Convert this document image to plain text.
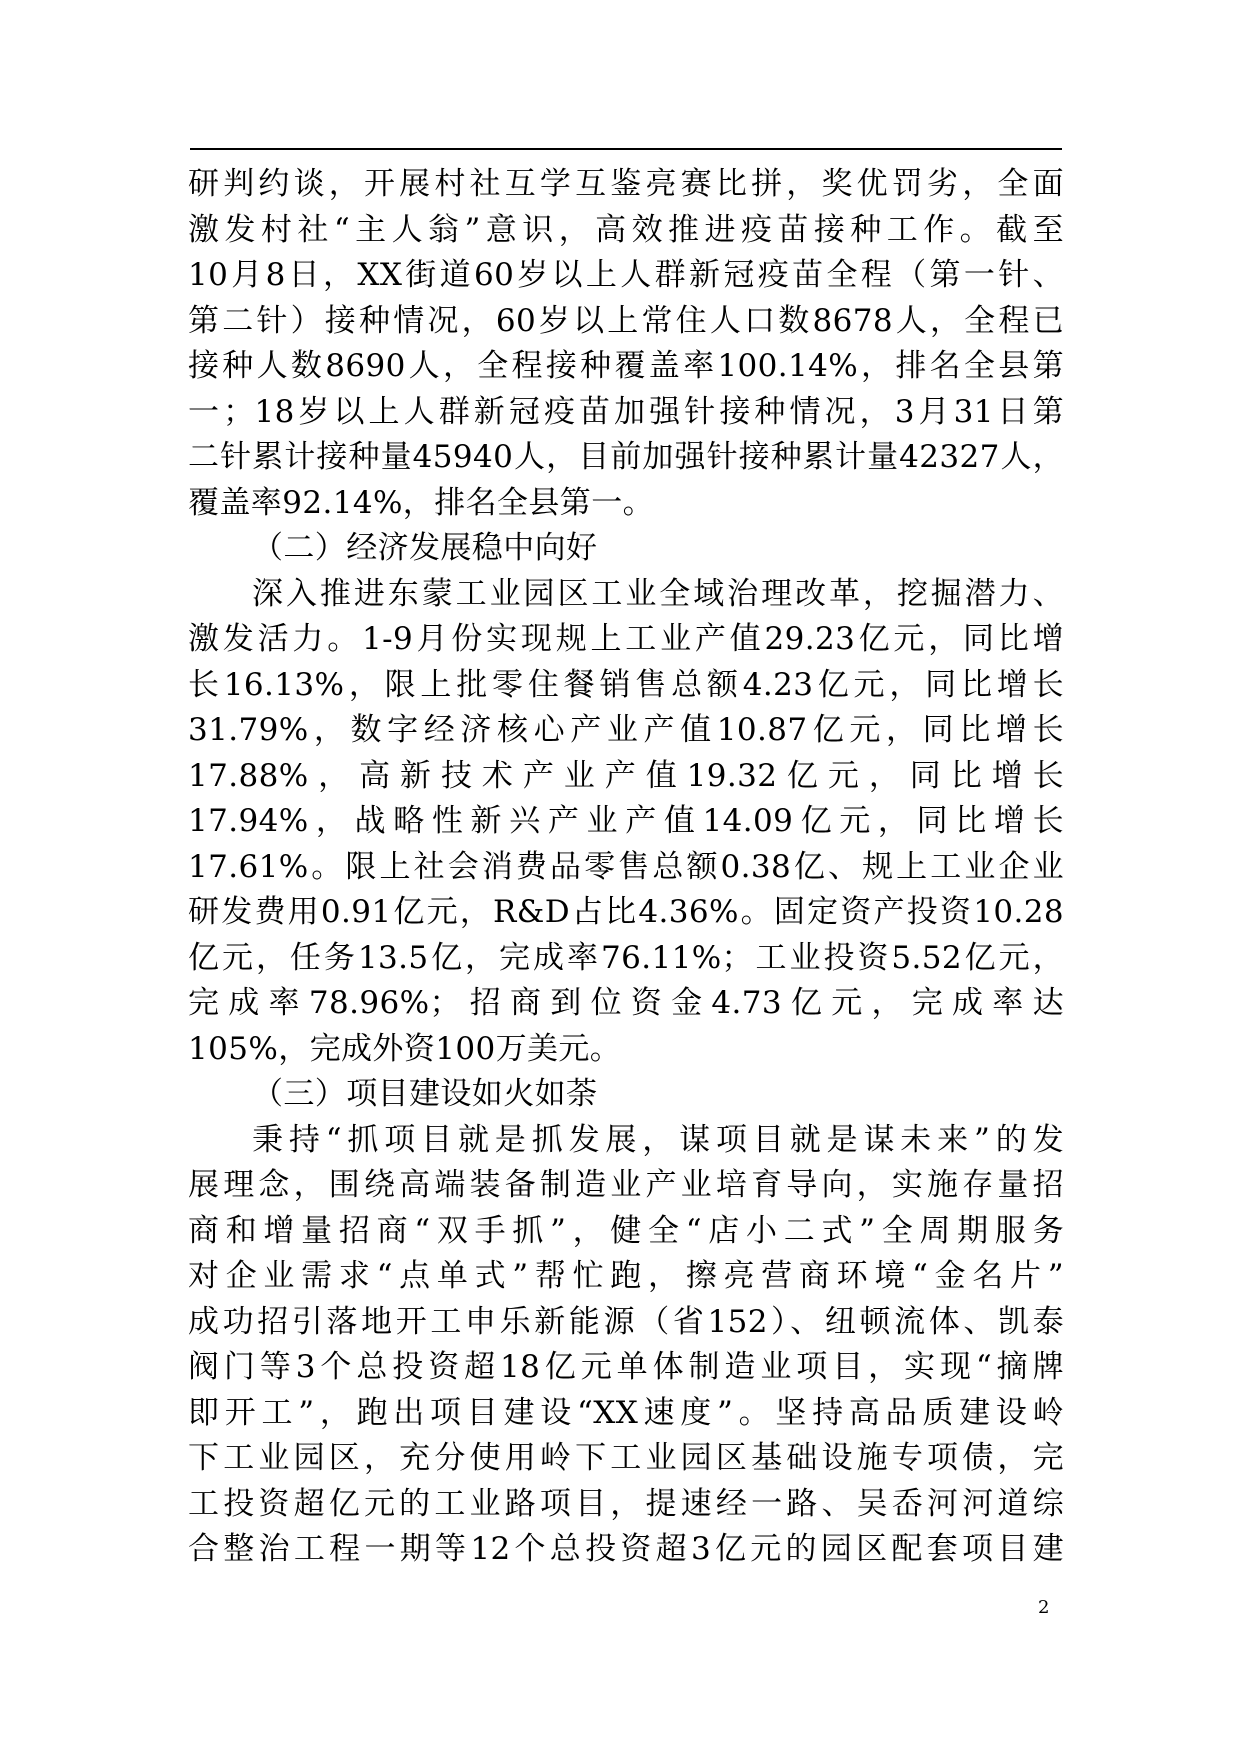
研判约谈，开展村社互学互鉴亮赛比拼，奖优罚劣，全面
激发村社“主人翁”意识，高效推进疫苗接种工作。截至
10月8日，XX街道60岁以上人群新冠疫苗全程（第一针、
第二针）接种情况，60岁以上常住人口数8678人，全程已
接种人数8690人，全程接种覆盖率100.14%，排名全县第
一；18岁以上人群新冠疫苗加强针接种情况，3月31日第
二针累计接种量45940人，目前加强针接种累计量42327人，
覆盖率92.14%，排名全县第一。
（二）经济发展稳中向好
深入推进东蒙工业园区工业全域治理改革，挖掘潜力、
激发活力。1-9月份实现规上工业产值29.23亿元，同比增
长16.13%，限上批零住餐销售总额4.23亿元，同比增长
31.79%，数字经济核心产业产值10.87亿元，同比增长
17.88%，高新技术产业产值19.32亿元，同比增长
17.94%，战略性新兴产业产值14.09亿元，同比增长
17.61%。限上社会消费品零售总额0.38亿、规上工业企业
研发费用0.91亿元，R&D占比4.36%。固定资产投资10.28
亿元，任务13.5亿，完成率76.11%；工业投资5.52亿元，
完成率78.96%；招商到位资金4.73亿元，完成率达
105%，完成外资100万美元。
（三）项目建设如火如荼
秉持“抓项目就是抓发展，谋项目就是谋未来”的发
展理念，围绕高端装备制造业产业培育导向，实施存量招
商和增量招商“双手抓”，健全“店小二式”全周期服务
对企业需求“点单式”帮忙跑，擦亮营商环境“金名片”
成功招引落地开工申乐新能源（省152）、纽顿流体、凯泰
阀门等3个总投资超18亿元单体制造业项目，实现“摘牌
即开工”，跑出项目建设“XX速度”。坚持高品质建设岭
下工业园区，充分使用岭下工业园区基础设施专项债，完
工投资超亿元的工业路项目，提速经一路、吴岙河河道综
合整治工程一期等12个总投资超3亿元的园区配套项目建
2
